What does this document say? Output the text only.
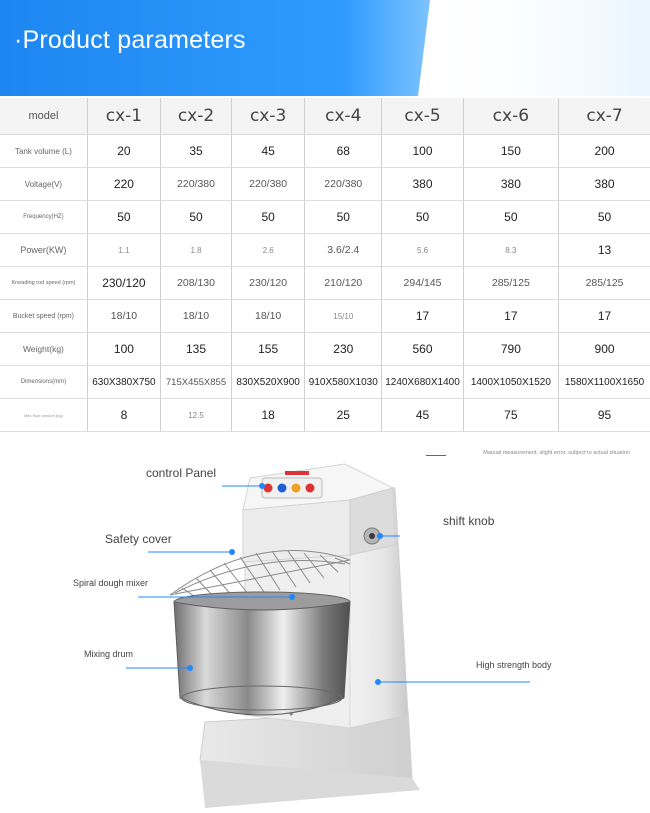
·Product parameters
model	cx-1	cx-2	cx-3	cx-4	cx-5	cx-6	cx-7
Tank volume (L)	20	35	45	68	100	150	200
Voltage(V)	220	220/380	220/380	220/380	380	380	380
Frequency(HZ)	50	50	50	50	50	50	50
Power(KW)	1.1	1.8	2.6	3.6/2.4	5.6	8.3	13
Kneading rod speed (rpm)	230/120	208/130	230/120	210/120	294/145	285/125	285/125
Bucket speed (rpm)	18/10	18/10	18/10	15/10	17	17	17
Weight(kg)	100	135	155	230	560	790	900
Dimensions(mm)	630X380X750	715X455X855	830X520X900	910X580X1030	1240X680X1400	1400X1050X1520	1580X1100X1650
Max flour amount (kg)	8	12.5	18	25	45	75	95
Manual measurement, slight error, subject to actual situation
control Panel
Safety cover
shift knob
Spiral dough mixer
Mixing drum
High strength body
